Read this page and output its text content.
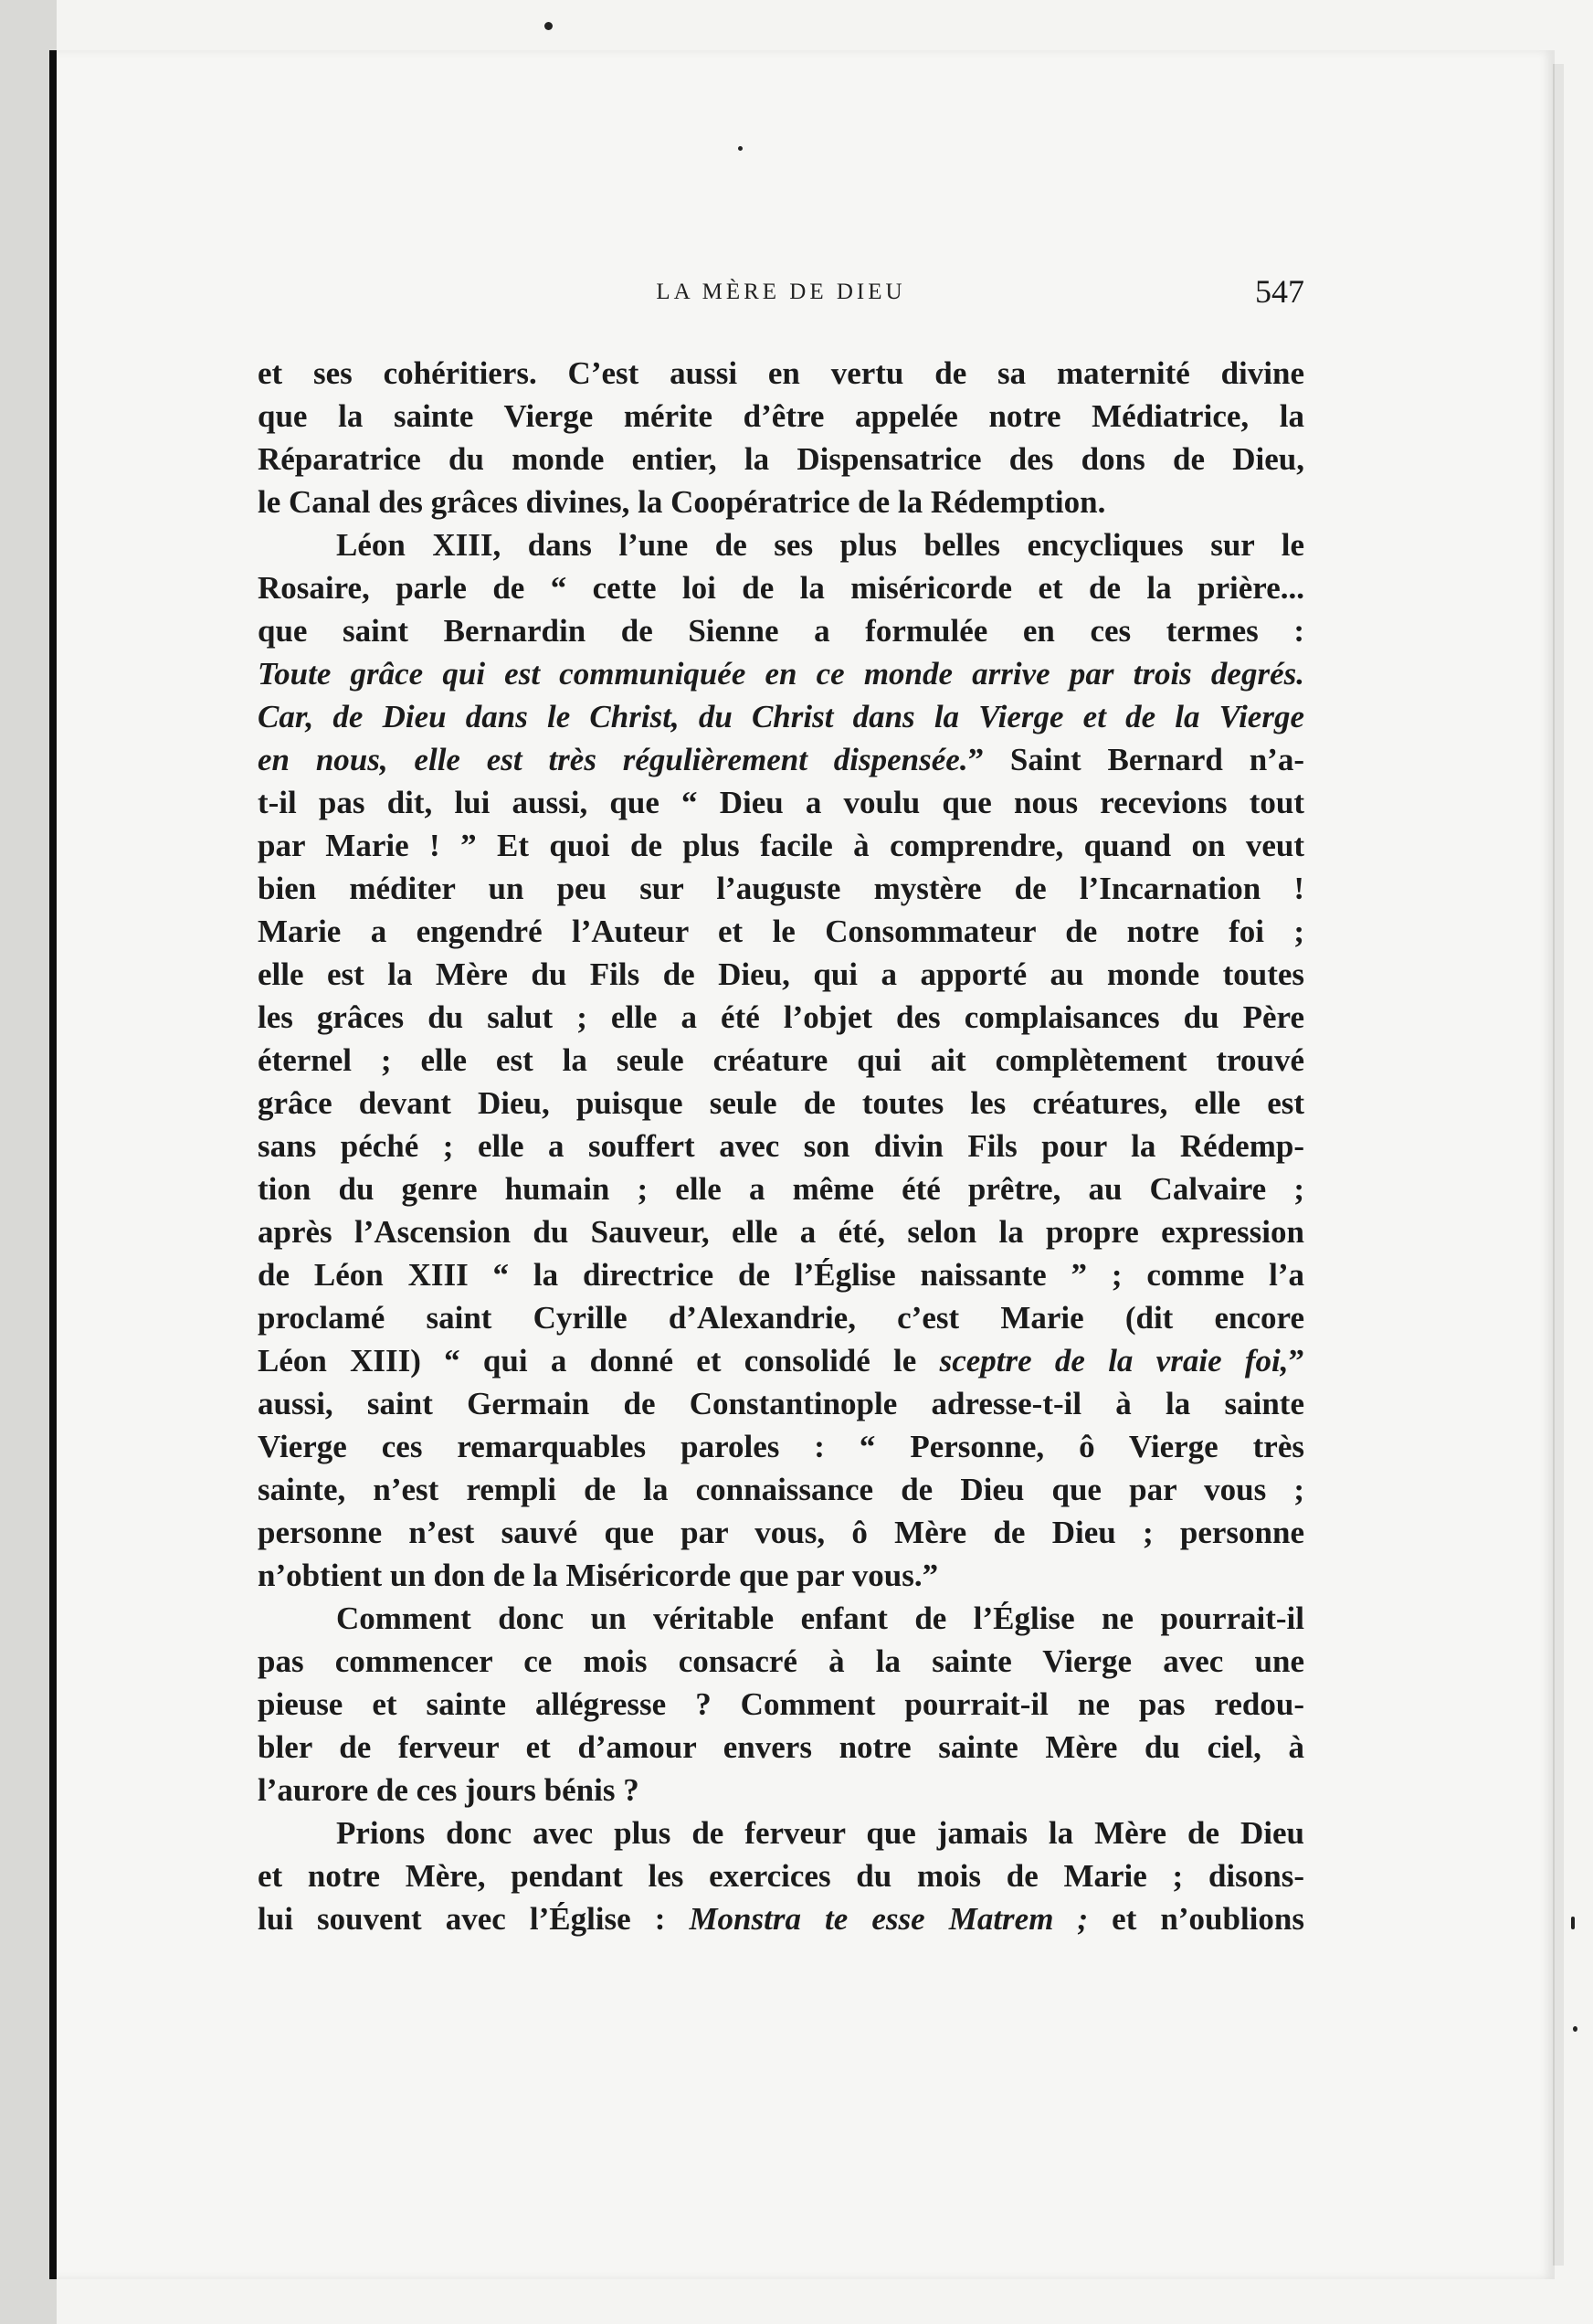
LA MÈRE DE DIEU	547
et ses cohéritiers. C’est aussi en vertu de sa maternité divine
que la sainte Vierge mérite d’être appelée notre Médiatrice, la
Réparatrice du monde entier, la Dispensatrice des dons de Dieu,
le Canal des grâces divines, la Coopératrice de la Rédemption.
Léon XIII, dans l’une de ses plus belles encycliques sur le
Rosaire, parle de “ cette loi de la miséricorde et de la prière...
que saint Bernardin de Sienne a formulée en ces termes :
Toute grâce qui est communiquée en ce monde arrive par trois degrés.
Car, de Dieu dans le Christ, du Christ dans la Vierge et de la Vierge
en nous, elle est très régulièrement dispensée.” Saint Bernard n’a-
t-il pas dit, lui aussi, que “ Dieu a voulu que nous recevions tout
par Marie ! ” Et quoi de plus facile à comprendre, quand on veut
bien méditer un peu sur l’auguste mystère de l’Incarnation !
Marie a engendré l’Auteur et le Consommateur de notre foi ;
elle est la Mère du Fils de Dieu, qui a apporté au monde toutes
les grâces du salut ; elle a été l’objet des complaisances du Père
éternel ; elle est la seule créature qui ait complètement trouvé
grâce devant Dieu, puisque seule de toutes les créatures, elle est
sans péché ; elle a souffert avec son divin Fils pour la Rédemp-
tion du genre humain ; elle a même été prêtre, au Calvaire ;
après l’Ascension du Sauveur, elle a été, selon la propre expression
de Léon XIII “ la directrice de l’Église naissante ” ; comme l’a
proclamé saint Cyrille d’Alexandrie, c’est Marie (dit encore
Léon XIII) “ qui a donné et consolidé le sceptre de la vraie foi,”
aussi, saint Germain de Constantinople adresse-t-il à la sainte
Vierge ces remarquables paroles : “ Personne, ô Vierge très
sainte, n’est rempli de la connaissance de Dieu que par vous ;
personne n’est sauvé que par vous, ô Mère de Dieu ; personne
n’obtient un don de la Miséricorde que par vous.”
Comment donc un véritable enfant de l’Église ne pourrait-il
pas commencer ce mois consacré à la sainte Vierge avec une
pieuse et sainte allégresse ? Comment pourrait-il ne pas redou-
bler de ferveur et d’amour envers notre sainte Mère du ciel, à
l’aurore de ces jours bénis ?
Prions donc avec plus de ferveur que jamais la Mère de Dieu
et notre Mère, pendant les exercices du mois de Marie ; disons-
lui souvent avec l’Église : Monstra te esse Matrem ; et n’oublions
